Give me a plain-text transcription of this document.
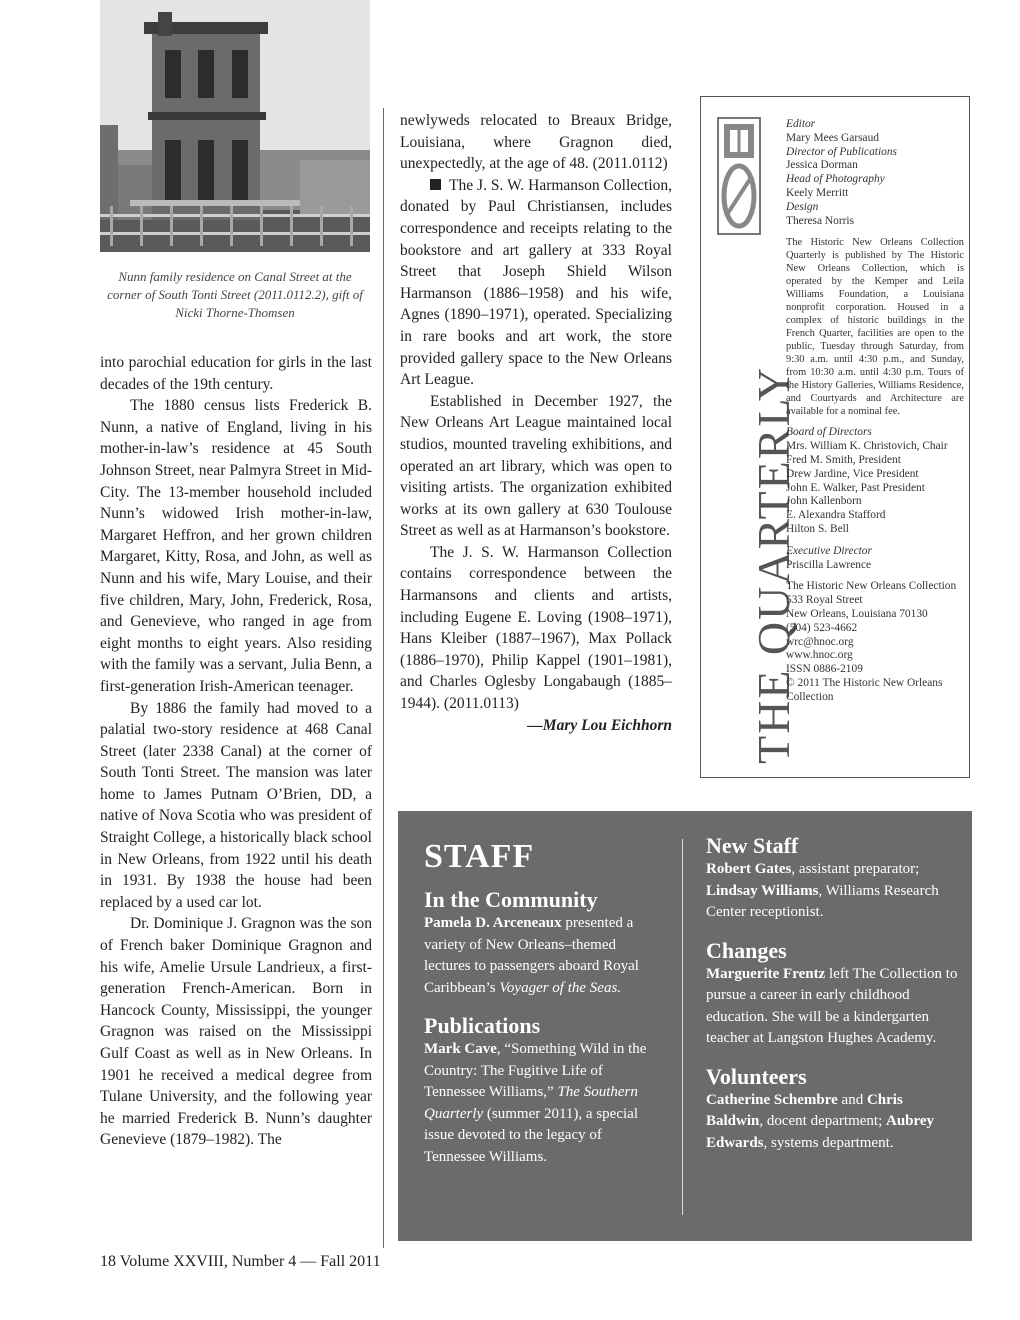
Nunn family residence on Canal Street at the corner of South Tonti Street (2011.0112.2), gift of Nicki Thorne-Thomsen

into parochial education for girls in the last decades of the 19th century.

The 1880 census lists Frederick B. Nunn, a native of England, living in his mother-in-law’s residence at 45 South Johnson Street, near Palmyra Street in Mid-City. The 13-member household included Nunn’s widowed Irish mother-in-law, Margaret Heffron, and her grown children Margaret, Kitty, Rosa, and John, as well as Nunn and his wife, Mary Louise, and their five children, Mary, John, Frederick, Rosa, and Genevieve, who ranged in age from eight months to eight years. Also residing with the family was a servant, Julia Benn, a first-generation Irish-American teenager.

By 1886 the family had moved to a palatial two-story residence at 468 Canal Street (later 2338 Canal) at the corner of South Tonti Street. The mansion was later home to James Putnam O’Brien, DD, a native of Nova Scotia who was president of Straight College, a historically black school in New Orleans, from 1922 until his death in 1931. By 1938 the house had been replaced by a used car lot.

Dr. Dominique J. Gragnon was the son of French baker Dominique Gragnon and his wife, Amelie Ursule Landrieux, a first-generation French-American. Born in Hancock County, Mississippi, the younger Gragnon was raised on the Mississippi Gulf Coast as well as in New Orleans. In 1901 he received a medical degree from Tulane University, and the following year he married Frederick B. Nunn’s daughter Genevieve (1879–1982). The

newlyweds relocated to Breaux Bridge, Louisiana, where Gragnon died, unexpectedly, at the age of 48. (2011.0112)

The J. S. W. Harmanson Collection, donated by Paul Christiansen, includes correspondence and receipts relating to the bookstore and art gallery at 333 Royal Street that Joseph Shield Wilson Harmanson (1886–1958) and his wife, Agnes (1890–1971), operated. Specializing in rare books and art work, the store provided gallery space to the New Orleans Art League.

Established in December 1927, the New Orleans Art League maintained local studios, mounted traveling exhibitions, and operated an art library, which was open to visiting artists. The organization exhibited works at its own gallery at 630 Toulouse Street as well as at Harmanson’s bookstore.

The J. S. W. Harmanson Collection contains correspondence between the Harmansons and clients and artists, including Eugene E. Loving (1908–1971), Hans Kleiber (1887–1967), Max Pollack (1886–1970), Philip Kappel (1901–1981), and Charles Oglesby Longabaugh (1885–1944). (2011.0113)

—Mary Lou Eichhorn THE QUARTERLY
Editor
Mary Mees Garsaud
Director of Publications
Jessica Dorman
Head of Photography
Keely Merritt
Design
Theresa Norris

The Historic New Orleans Collection Quarterly is published by The Historic New Orleans Collection, which is operated by the Kemper and Leila Williams Foundation, a Louisiana nonprofit corporation. Housed in a complex of historic buildings in the French Quarter, facilities are open to the public, Tuesday through Saturday, from 9:30 a.m. until 4:30 p.m., and Sunday, from 10:30 a.m. until 4:30 p.m. Tours of the History Galleries, Williams Residence, and Courtyards and Architecture are available for a nominal fee.

Board of Directors
Mrs. William K. Christovich, Chair
Fred M. Smith, President
Drew Jardine, Vice President
John E. Walker, Past President
John Kallenborn
E. Alexandra Stafford
Hilton S. Bell
Executive Director
Priscilla Lawrence
The Historic New Orleans Collection
533 Royal Street
New Orleans, Louisiana 70130
(504) 523-4662
wrc@hnoc.org
www.hnoc.org
ISSN 0886-2109
© 2011 The Historic New Orleans Collection
STAFF
In the Community
Pamela D. Arceneaux presented a variety of New Orleans–themed lectures to passengers aboard Royal Caribbean’s Voyager of the Seas.
Publications
Mark Cave, “Something Wild in the Country: The Fugitive Life of Tennessee Williams,” The Southern Quarterly (summer 2011), a special issue devoted to the legacy of Tennessee Williams.
New Staff
Robert Gates, assistant preparator; Lindsay Williams, Williams Research Center receptionist.
Changes
Marguerite Frentz left The Collection to pursue a career in early childhood education. She will be a kindergarten teacher at Langston Hughes Academy.
Volunteers
Catherine Schembre and Chris Baldwin, docent department; Aubrey Edwards, systems department.
18 Volume XXVIII, Number 4 — Fall 2011
